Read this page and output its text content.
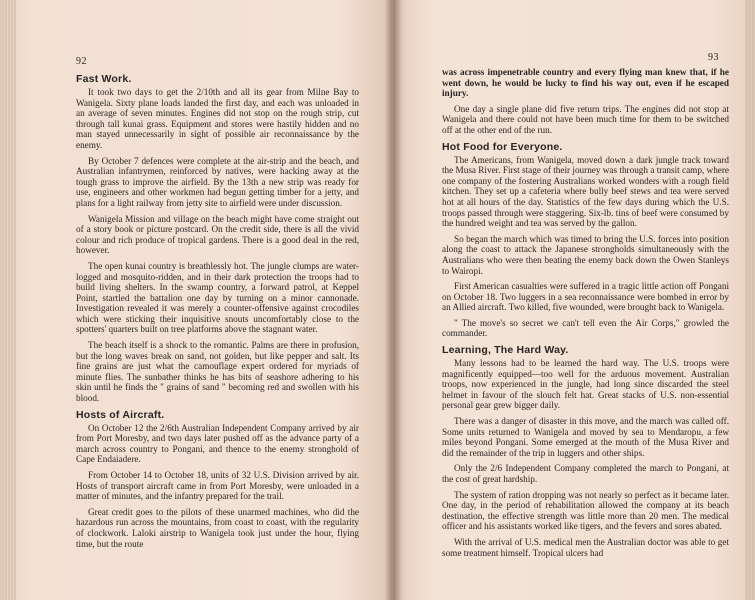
92
Fast Work.

It took two days to get the 2/10th and all its gear from Milne Bay to Wanigela. Sixty plane loads landed the first day, and each was unloaded in an average of seven minutes. Engines did not stop on the rough strip, cut through tall kunai grass. Equipment and stores were hastily hidden and no man stayed unnecessarily in sight of possible air reconnaissance by the enemy.

By October 7 defences were complete at the air-strip and the beach, and Australian infantrymen, reinforced by natives, were hacking away at the tough grass to improve the airfield. By the 13th a new strip was ready for use, engineers and other workmen had begun getting timber for a jetty, and plans for a light railway from jetty site to airfield were under discussion.

Wanigela Mission and village on the beach might have come straight out of a story book or picture postcard. On the credit side, there is all the vivid colour and rich produce of tropical gardens. There is a good deal in the red, however.

The open kunai country is breathlessly hot. The jungle clumps are water-logged and mosquito-ridden, and in their dark protection the troops had to build living shelters. In the swamp country, a forward patrol, at Keppel Point, startled the battalion one day by turning on a minor cannonade. Investigation revealed it was merely a counter-offensive against crocodiles which were sticking their inquisitive snouts uncomfortably close to the spotters' quarters built on tree platforms above the stagnant water.

The beach itself is a shock to the romantic. Palms are there in profusion, but the long waves break on sand, not golden, but like pepper and salt. Its fine grains are just what the camouflage expert ordered for myriads of minute flies. The sunbather thinks he has bits of seashore adhering to his skin until he finds the " grains of sand " becoming red and swollen with his blood.

Hosts of Aircraft.

On October 12 the 2/6th Australian Independent Company arrived by air from Port Moresby, and two days later pushed off as the advance party of a march across country to Pongani, and thence to the enemy stronghold of Cape Endaiadere.

From October 14 to October 18, units of 32 U.S. Division arrived by air. Hosts of transport aircraft came in from Port Moresby, were unloaded in a matter of minutes, and the infantry prepared for the trail.

Great credit goes to the pilots of these unarmed machines, who did the hazardous run across the mountains, from coast to coast, with the regularity of clockwork. Laloki airstrip to Wanigela took just under the hour, flying time, but the route

93

was across impenetrable country and every flying man knew that, if he went down, he would be lucky to find his way out, even if he escaped injury.

One day a single plane did five return trips. The engines did not stop at Wanigela and there could not have been much time for them to be switched off at the other end of the run.

Hot Food for Everyone.

The Americans, from Wanigela, moved down a dark jungle track toward the Musa River. First stage of their journey was through a transit camp, where one company of the fostering Australians worked wonders with a rough field kitchen. They set up a cafeteria where bully beef stews and tea were served hot at all hours of the day. Statistics of the few days during which the U.S. troops passed through were staggering. Six-lb. tins of beef were consumed by the hundred weight and tea was served by the gallon.

So began the march which was timed to bring the U.S. forces into position along the coast to attack the Japanese strongholds simultaneously with the Australians who were then beating the enemy back down the Owen Stanleys to Wairopi.

First American casualties were suffered in a tragic little action off Pongani on October 18. Two luggers in a sea reconnaissance were bombed in error by an Allied aircraft. Two killed, five wounded, were brought back to Wanigela.

" The move's so secret we can't tell even the Air Corps," growled the commander.

Learning, The Hard Way.

Many lessons had to be learned the hard way. The U.S. troops were magnificently equipped—too well for the arduous movement. Australian troops, now experienced in the jungle, had long since discarded the steel helmet in favour of the slouch felt hat. Great stacks of U.S. non-essential personal gear grew bigger daily.

There was a danger of disaster in this move, and the march was called off. Some units returned to Wanigela and moved by sea to Mendaropu, a few miles beyond Pongani. Some emerged at the mouth of the Musa River and did the remainder of the trip in luggers and other ships.

Only the 2/6 Independent Company completed the march to Pongani, at the cost of great hardship.

The system of ration dropping was not nearly so perfect as it became later. One day, in the period of rehabilitation allowed the company at its beach destination, the effective strength was little more than 20 men. The medical officer and his assistants worked like tigers, and the fevers and sores abated.

With the arrival of U.S. medical men the Australian doctor was able to get some treatment himself. Tropical ulcers had
